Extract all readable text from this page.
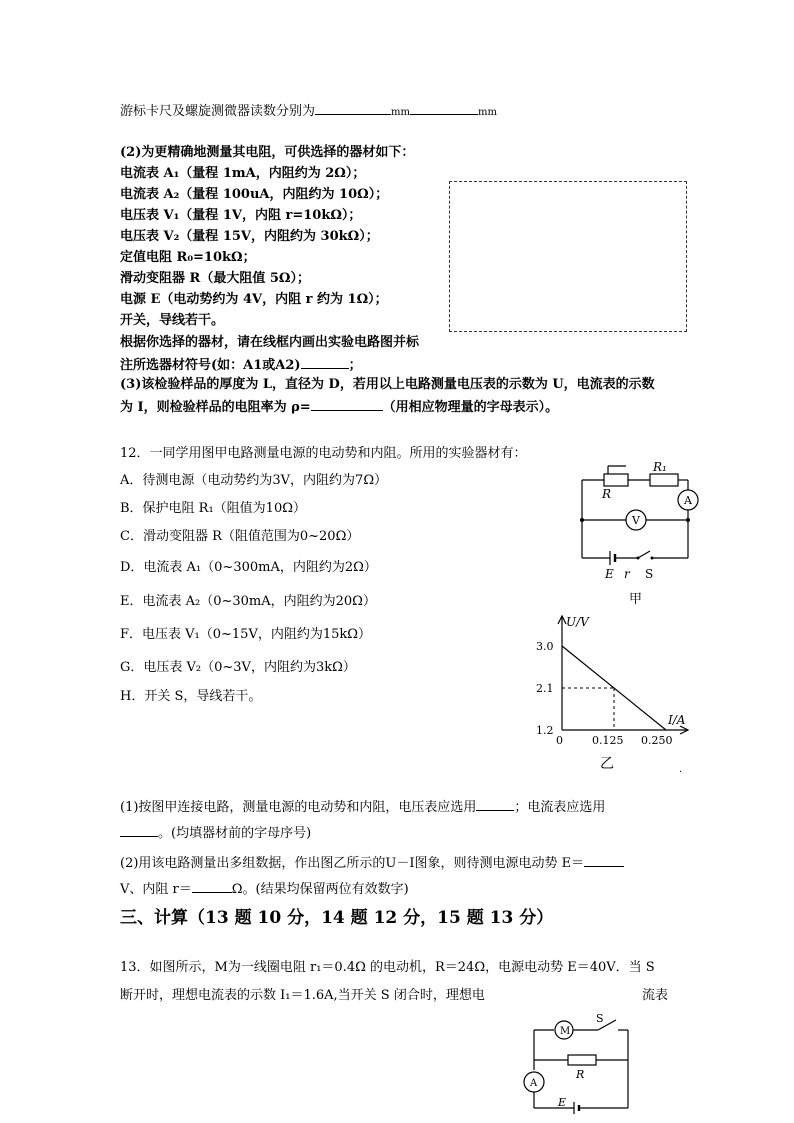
游标卡尺及螺旋测微器读数分别为	mm	mm
(2)为更精确地测量其电阻，可供选择的器材如下：
电流表 A₁（量程 1mA，内阻约为 2Ω）；
电流表 A₂（量程 100uA，内阻约为 10Ω）；
电压表 V₁（量程 1V，内阻 r=10kΩ）；
电压表 V₂（量程 15V，内阻约为 30kΩ）；
定值电阻 R₀=10kΩ；
滑动变阻器 R（最大阻值 5Ω）；
电源 E（电动势约为 4V，内阻 r 约为 1Ω）；
开关，导线若干。
根据你选择的器材，请在线框内画出实验电路图并标
注所选器材符号(如：A1或A2)	；
(3)该检验样品的厚度为 L，直径为 D，若用以上电路测量电压表的示数为 U，电流表的示数
为 I，则检验样品的电阻率为 ρ=	（用相应物理量的字母表示）。
12．一同学用图甲电路测量电源的电动势和内阻。所用的实验器材有：
A．待测电源（电动势约为3V，内阻约为7Ω）
B．保护电阻 R₁（阻值为10Ω）
C．滑动变阻器 R（阻值范围为0~20Ω）
D．电流表 A₁（0~300mA，内阻约为2Ω）
E．电流表 A₂（0~30mA，内阻约为20Ω）
F．电压表 V₁（0~15V，内阻约为15kΩ）
G．电压表 V₂（0~3V，内阻约为3kΩ）
H．开关 S，导线若干。
R₁
R	A
V
E r S
甲
U/V
I/A
3.0
2.1
1.2
0	0.125 0.250
乙	.
(1)按图甲连接电路，测量电源的电动势和内阻，电压表应选用	；电流表应选用
。(均填器材前的字母序号)
(2)用该电路测量出多组数据，作出图乙所示的U－I图象，则待测电源电动势 E＝
V、内阻 r＝	Ω。(结果均保留两位有效数字)
三、计算（13 题 10 分，14 题 12 分，15 题 13 分）
13．如图所示，M为一线圈电阻 r₁＝0.4Ω 的电动机，R＝24Ω，电源电动势 E＝40V．当 S
断开时，理想电流表的示数 I₁＝1.6A,当开关 S 闭合时，理想电	流表
M
S
R
A
E
